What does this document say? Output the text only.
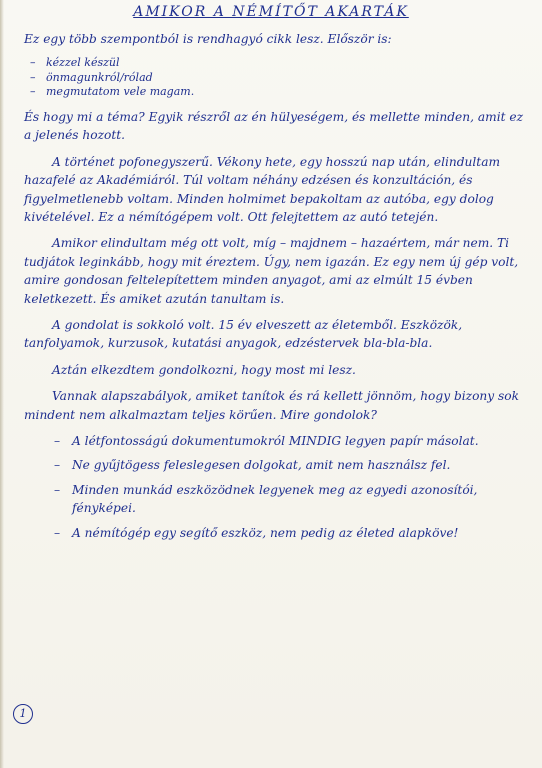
AMIKOR A NÉMÍTŐT AKARTÁK

Ez egy több szempontból is rendhagyó cikk lesz. Először is:

– kézzel készül
– önmagunkról/rólad
– megmutatom vele magam.

És hogy mi a téma? Egyik részről az én hülyeségem, és mellette minden, amit ez a jelenés hozott.

A történet pofonegyszerű. Vékony hete, egy hosszú nap után, elindultam hazafelé az Akadémiáról. Túl voltam néhány edzésen és konzultáción, és figyelmetlenebb voltam. Minden holmimet bepakoltam az autóba, egy dolog kivételével. Ez a némítógépem volt. Ott felejtettem az autó tetején.

Amikor elindultam még ott volt, míg – majdnem – hazaértem, már nem. Ti tudjátok leginkább, hogy mit éreztem. Úgy, nem igazán. Ez egy nem új gép volt, amire gondosan feltelepítettem minden anyagot, ami az elmúlt 15 évben keletkezett. És amiket azután tanultam is.

A gondolat is sokkoló volt. 15 év elveszett az életemből. Eszközök, tanfolyamok, kurzusok, kutatási anyagok, edzéstervek bla-bla-bla.

Aztán elkezdtem gondolkozni, hogy most mi lesz.

Vannak alapszabályok, amiket tanítok és rá kellett jönnöm, hogy bizony sok mindent nem alkalmaztam teljes körűen. Mire gondolok?

– A létfontosságú dokumentumokról MINDIG legyen papír másolat.
– Ne gyűjtögess feleslegesen dolgokat, amit nem használsz fel.
– Minden munkád eszközödnek legyenek meg az egyedi azonosítói, fényképei.
– A némítógép egy segítő eszköz, nem pedig az életed alapköve!
1
